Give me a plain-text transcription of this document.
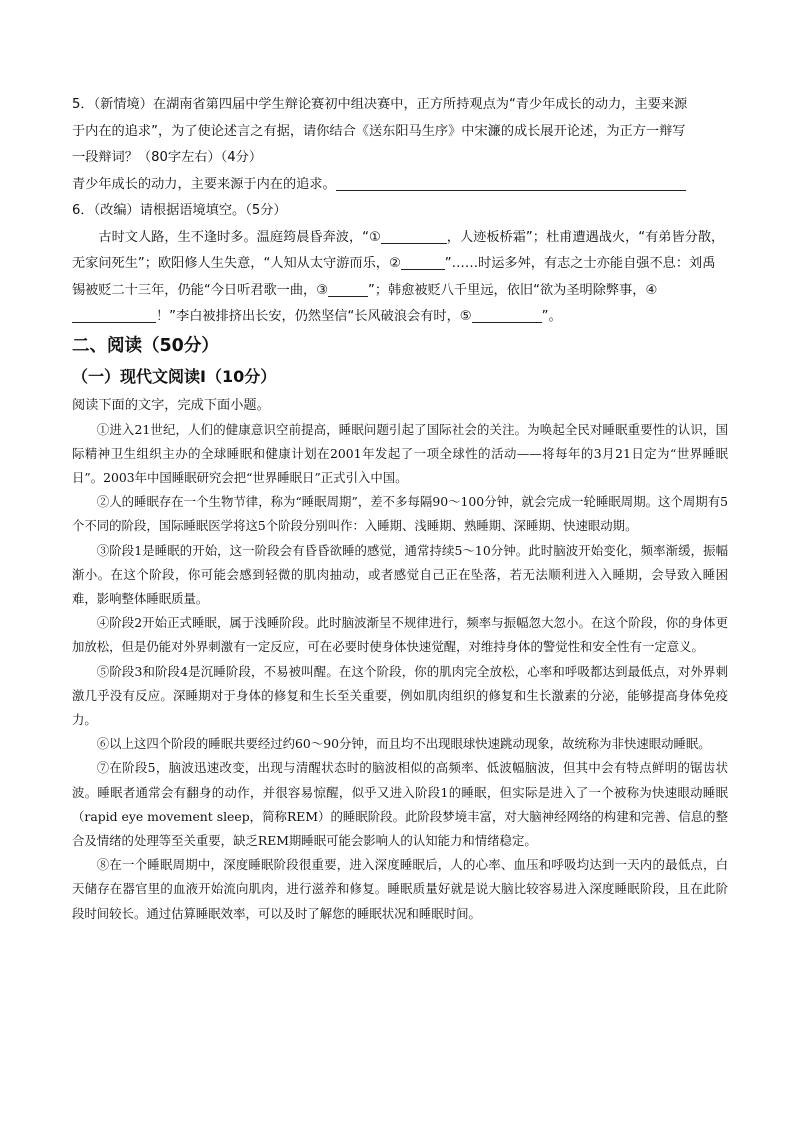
5．（新情境）在湖南省第四届中学生辩论赛初中组决赛中，正方所持观点为“青少年成长的动力，主要来源

于内在的追求”，为了使论述言之有据，请你结合《送东阳马生序》中宋濂的成长展开论述，为正方一辩写

一段辩词？（80字左右）（4分）

青少年成长的动力，主要来源于内在的追求。

6．（改编）请根据语境填空。（5分）

古时文人路，生不逢时多。温庭筠晨昏奔波，“①	，人迹板桥霜”；杜甫遭遇战火，“有弟皆分散，无家问死生”；欧阳修人生失意，“人知从太守游而乐，②	”……时运多舛，有志之士亦能自强不息：刘禹锡被贬二十三年，仍能“今日听君歌一曲，③	”；韩愈被贬八千里远，依旧“欲为圣明除弊事，④！”李白被排挤出长安，仍然坚信“长风破浪会有时，⑤	”。

二、阅读（50分）
（一）现代文阅读Ⅰ（10分）

阅读下面的文字，完成下面小题。

①进入21世纪，人们的健康意识空前提高，睡眠问题引起了国际社会的关注。为唤起全民对睡眠重要性的认识，国际精神卫生组织主办的全球睡眠和健康计划在2001年发起了一项全球性的活动——将每年的3月21日定为“世界睡眠日”。2003年中国睡眠研究会把“世界睡眠日”正式引入中国。

②人的睡眠存在一个生物节律，称为“睡眠周期”，差不多每隔90～100分钟，就会完成一轮睡眠周期。这个周期有5个不同的阶段，国际睡眠医学将这5个阶段分别叫作：入睡期、浅睡期、熟睡期、深睡期、快速眼动期。

③阶段1是睡眠的开始，这一阶段会有昏昏欲睡的感觉，通常持续5～10分钟。此时脑波开始变化，频率渐缓，振幅渐小。在这个阶段，你可能会感到轻微的肌肉抽动，或者感觉自己正在坠落，若无法顺利进入入睡期，会导致入睡困难，影响整体睡眠质量。

④阶段2开始正式睡眠，属于浅睡阶段。此时脑波渐呈不规律进行，频率与振幅忽大忽小。在这个阶段，你的身体更加放松，但是仍能对外界刺激有一定反应，可在必要时使身体快速觉醒，对维持身体的警觉性和安全性有一定意义。

⑤阶段3和阶段4是沉睡阶段，不易被叫醒。在这个阶段，你的肌肉完全放松，心率和呼吸都达到最低点，对外界刺激几乎没有反应。深睡期对于身体的修复和生长至关重要，例如肌肉组织的修复和生长激素的分泌，能够提高身体免疫力。

⑥以上这四个阶段的睡眠共要经过约60～90分钟，而且均不出现眼球快速跳动现象，故统称为非快速眼动睡眠。

⑦在阶段5，脑波迅速改变，出现与清醒状态时的脑波相似的高频率、低波幅脑波，但其中会有特点鲜明的锯齿状波。睡眠者通常会有翻身的动作，并很容易惊醒，似乎又进入阶段1的睡眠，但实际是进入了一个被称为快速眼动睡眠（rapid eye movement sleep，简称REM）的睡眠阶段。此阶段梦境丰富，对大脑神经网络的构建和完善、信息的整合及情绪的处理等至关重要，缺乏REM期睡眠可能会影响人的认知能力和情绪稳定。

⑧在一个睡眠周期中，深度睡眠阶段很重要，进入深度睡眠后，人的心率、血压和呼吸均达到一天内的最低点，白天储存在器官里的血液开始流向肌肉，进行滋养和修复。睡眠质量好就是说大脑比较容易进入深度睡眠阶段，且在此阶段时间较长。通过估算睡眠效率，可以及时了解您的睡眠状况和睡眠时间。
